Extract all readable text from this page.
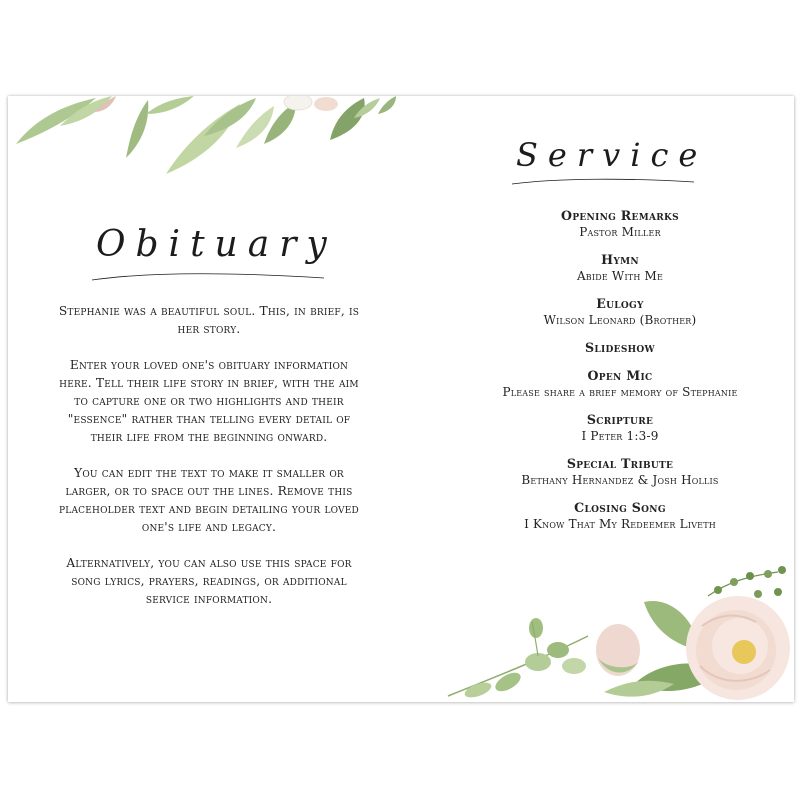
Obituary

Stephanie was a beautiful soul. This, in brief, is her story.

Enter your loved one's obituary information here. Tell their life story in brief, with the aim to capture one or two highlights and their "essence" rather than telling every detail of their life from the beginning onward.

You can edit the text to make it smaller or larger, or to space out the lines. Remove this placeholder text and begin detailing your loved one's life and legacy.

Alternatively, you can also use this space for song lyrics, prayers, readings, or additional service information.

Service
Opening Remarks
Pastor Miller
Hymn
Abide With Me
Eulogy
Wilson Leonard (Brother)
Slideshow
Open Mic
Please share a brief memory of Stephanie
Scripture
I Peter 1:3-9
Special Tribute
Bethany Hernandez & Josh Hollis
Closing Song
I Know That My Redeemer Liveth
